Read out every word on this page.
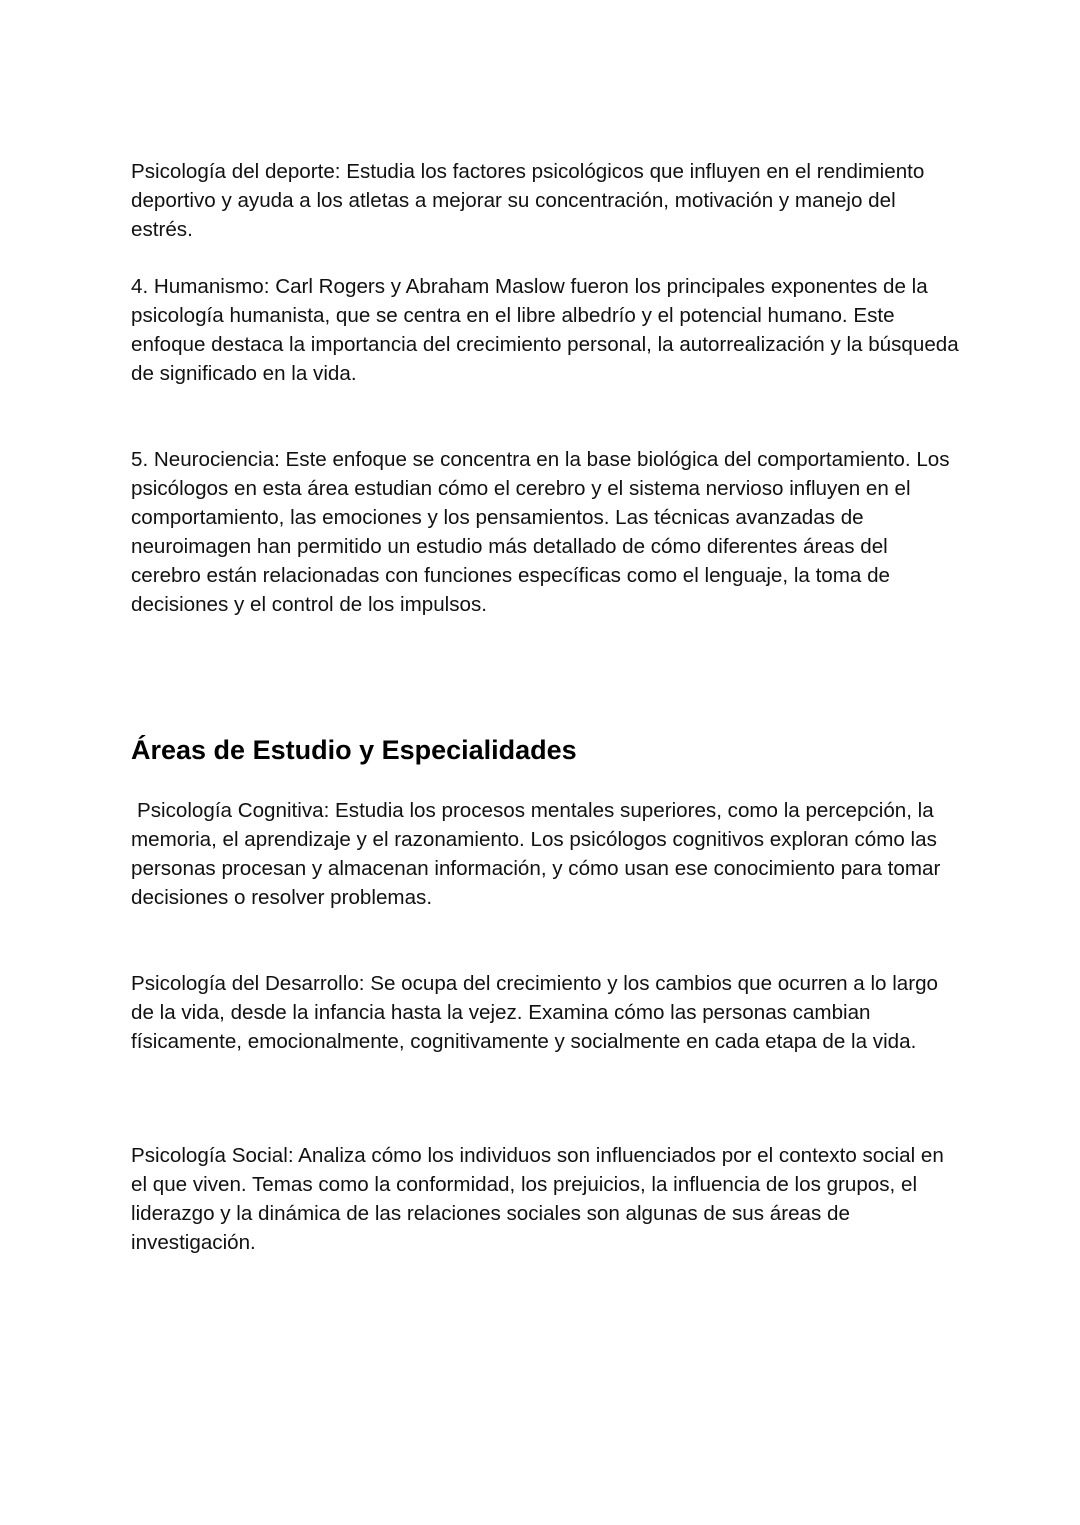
Psicología del deporte: Estudia los factores psicológicos que influyen en el rendimiento deportivo y ayuda a los atletas a mejorar su concentración, motivación y manejo del estrés.

4. Humanismo: Carl Rogers y Abraham Maslow fueron los principales exponentes de la psicología humanista, que se centra en el libre albedrío y el potencial humano. Este enfoque destaca la importancia del crecimiento personal, la autorrealización y la búsqueda de significado en la vida.

5. Neurociencia: Este enfoque se concentra en la base biológica del comportamiento. Los psicólogos en esta área estudian cómo el cerebro y el sistema nervioso influyen en el comportamiento, las emociones y los pensamientos. Las técnicas avanzadas de neuroimagen han permitido un estudio más detallado de cómo diferentes áreas del cerebro están relacionadas con funciones específicas como el lenguaje, la toma de decisiones y el control de los impulsos.

Áreas de Estudio y Especialidades

Psicología Cognitiva: Estudia los procesos mentales superiores, como la percepción, la memoria, el aprendizaje y el razonamiento. Los psicólogos cognitivos exploran cómo las personas procesan y almacenan información, y cómo usan ese conocimiento para tomar decisiones o resolver problemas.

Psicología del Desarrollo: Se ocupa del crecimiento y los cambios que ocurren a lo largo de la vida, desde la infancia hasta la vejez. Examina cómo las personas cambian físicamente, emocionalmente, cognitivamente y socialmente en cada etapa de la vida.

Psicología Social: Analiza cómo los individuos son influenciados por el contexto social en el que viven. Temas como la conformidad, los prejuicios, la influencia de los grupos, el liderazgo y la dinámica de las relaciones sociales son algunas de sus áreas de investigación.
